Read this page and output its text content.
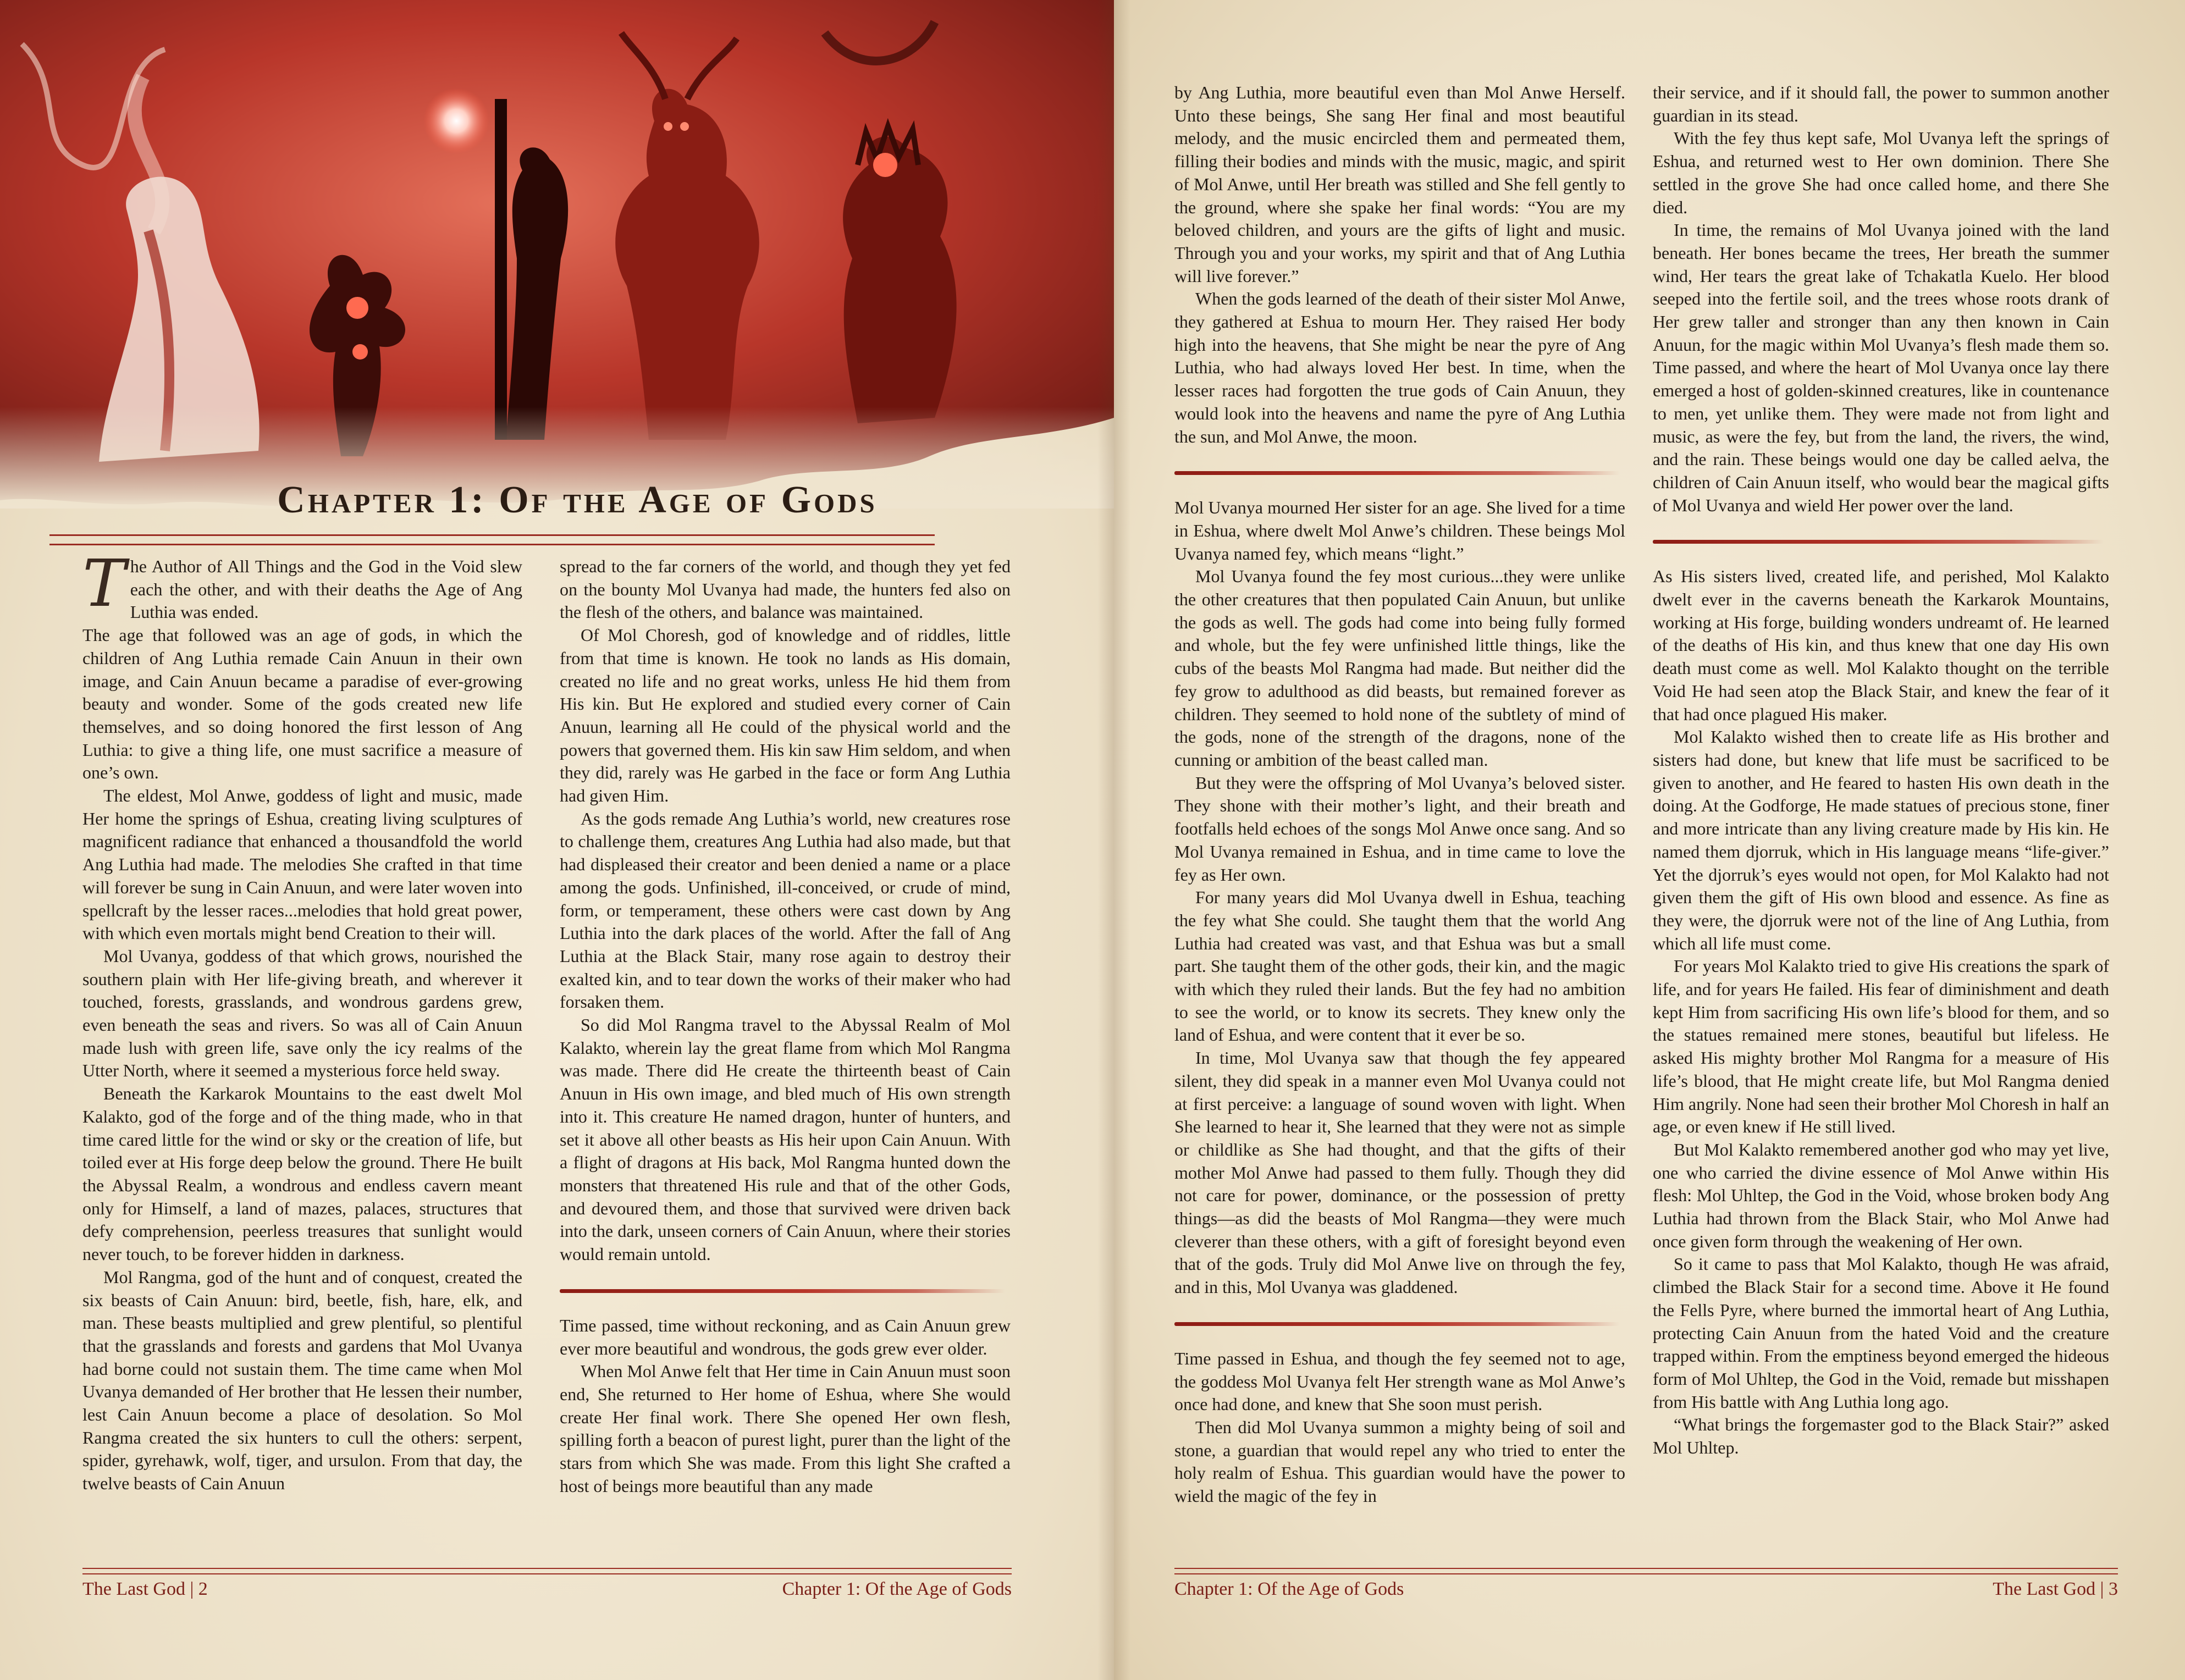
Chapter 1: Of the Age of Gods

The Author of All Things and the God in the Void slew each the other, and with their deaths the Age of Ang Luthia was ended.

The age that followed was an age of gods, in which the children of Ang Luthia remade Cain Anuun in their own image, and Cain Anuun became a paradise of ever-growing beauty and wonder. Some of the gods created new life themselves, and so doing honored the first lesson of Ang Luthia: to give a thing life, one must sacrifice a measure of one’s own.

The eldest, Mol Anwe, goddess of light and music, made Her home the springs of Eshua, creating living sculptures of magnificent radiance that enhanced a thousandfold the world Ang Luthia had made. The melodies She crafted in that time will forever be sung in Cain Anuun, and were later woven into spellcraft by the lesser races...melodies that hold great power, with which even mortals might bend Creation to their will.

Mol Uvanya, goddess of that which grows, nourished the southern plain with Her life-giving breath, and wherever it touched, forests, grasslands, and wondrous gardens grew, even beneath the seas and rivers. So was all of Cain Anuun made lush with green life, save only the icy realms of the Utter North, where it seemed a mysterious force held sway.

Beneath the Karkarok Mountains to the east dwelt Mol Kalakto, god of the forge and of the thing made, who in that time cared little for the wind or sky or the creation of life, but toiled ever at His forge deep below the ground. There He built the Abyssal Realm, a wondrous and endless cavern meant only for Himself, a land of mazes, palaces, structures that defy comprehension, peerless treasures that sunlight would never touch, to be forever hidden in darkness.

Mol Rangma, god of the hunt and of conquest, created the six beasts of Cain Anuun: bird, beetle, fish, hare, elk, and man. These beasts multiplied and grew plentiful, so plentiful that the grasslands and forests and gardens that Mol Uvanya had borne could not sustain them. The time came when Mol Uvanya demanded of Her brother that He lessen their number, lest Cain Anuun become a place of desolation. So Mol Rangma created the six hunters to cull the others: serpent, spider, gyrehawk, wolf, tiger, and ursulon. From that day, the twelve beasts of Cain Anuun

spread to the far corners of the world, and though they yet fed on the bounty Mol Uvanya had made, the hunters fed also on the flesh of the others, and balance was maintained.

Of Mol Choresh, god of knowledge and of riddles, little from that time is known. He took no lands as His domain, created no life and no great works, unless He hid them from His kin. But He explored and studied every corner of Cain Anuun, learning all He could of the physical world and the powers that governed them. His kin saw Him seldom, and when they did, rarely was He garbed in the face or form Ang Luthia had given Him.

As the gods remade Ang Luthia’s world, new creatures rose to challenge them, creatures Ang Luthia had also made, but that had displeased their creator and been denied a name or a place among the gods. Unfinished, ill-conceived, or crude of mind, form, or temperament, these others were cast down by Ang Luthia into the dark places of the world. After the fall of Ang Luthia at the Black Stair, many rose again to destroy their exalted kin, and to tear down the works of their maker who had forsaken them.

So did Mol Rangma travel to the Abyssal Realm of Mol Kalakto, wherein lay the great flame from which Mol Rangma was made. There did He create the thirteenth beast of Cain Anuun in His own image, and bled much of His own strength into it. This creature He named dragon, hunter of hunters, and set it above all other beasts as His heir upon Cain Anuun. With a flight of dragons at His back, Mol Rangma hunted down the monsters that threatened His rule and that of the other Gods, and devoured them, and those that survived were driven back into the dark, unseen corners of Cain Anuun, where their stories would remain untold.

Time passed, time without reckoning, and as Cain Anuun grew ever more beautiful and wondrous, the gods grew ever older.

When Mol Anwe felt that Her time in Cain Anuun must soon end, She returned to Her home of Eshua, where She would create Her final work. There She opened Her own flesh, spilling forth a beacon of purest light, purer than the light of the stars from which She was made. From this light She crafted a host of beings more beautiful than any made

The Last God | 2	Chapter 1: Of the Age of Gods

by Ang Luthia, more beautiful even than Mol Anwe Herself. Unto these beings, She sang Her final and most beautiful melody, and the music encircled them and permeated them, filling their bodies and minds with the music, magic, and spirit of Mol Anwe, until Her breath was stilled and She fell gently to the ground, where she spake her final words: “You are my beloved children, and yours are the gifts of light and music. Through you and your works, my spirit and that of Ang Luthia will live forever.”

When the gods learned of the death of their sister Mol Anwe, they gathered at Eshua to mourn Her. They raised Her body high into the heavens, that She might be near the pyre of Ang Luthia, who had always loved Her best. In time, when the lesser races had forgotten the true gods of Cain Anuun, they would look into the heavens and name the pyre of Ang Luthia the sun, and Mol Anwe, the moon.

Mol Uvanya mourned Her sister for an age. She lived for a time in Eshua, where dwelt Mol Anwe’s children. These beings Mol Uvanya named fey, which means “light.”

Mol Uvanya found the fey most curious...they were unlike the other creatures that then populated Cain Anuun, but unlike the gods as well. The gods had come into being fully formed and whole, but the fey were unfinished little things, like the cubs of the beasts Mol Rangma had made. But neither did the fey grow to adulthood as did beasts, but remained forever as children. They seemed to hold none of the subtlety of mind of the gods, none of the strength of the dragons, none of the cunning or ambition of the beast called man.

But they were the offspring of Mol Uvanya’s beloved sister. They shone with their mother’s light, and their breath and footfalls held echoes of the songs Mol Anwe once sang. And so Mol Uvanya remained in Eshua, and in time came to love the fey as Her own.

For many years did Mol Uvanya dwell in Eshua, teaching the fey what She could. She taught them that the world Ang Luthia had created was vast, and that Eshua was but a small part. She taught them of the other gods, their kin, and the magic with which they ruled their lands. But the fey had no ambition to see the world, or to know its secrets. They knew only the land of Eshua, and were content that it ever be so.

In time, Mol Uvanya saw that though the fey appeared silent, they did speak in a manner even Mol Uvanya could not at first perceive: a language of sound woven with light. When She learned to hear it, She learned that they were not as simple or childlike as She had thought, and that the gifts of their mother Mol Anwe had passed to them fully. Though they did not care for power, dominance, or the possession of pretty things—as did the beasts of Mol Rangma—they were much cleverer than these others, with a gift of foresight beyond even that of the gods. Truly did Mol Anwe live on through the fey, and in this, Mol Uvanya was gladdened.

Time passed in Eshua, and though the fey seemed not to age, the goddess Mol Uvanya felt Her strength wane as Mol Anwe’s once had done, and knew that She soon must perish.

Then did Mol Uvanya summon a mighty being of soil and stone, a guardian that would repel any who tried to enter the holy realm of Eshua. This guardian would have the power to wield the magic of the fey in

their service, and if it should fall, the power to summon another guardian in its stead.

With the fey thus kept safe, Mol Uvanya left the springs of Eshua, and returned west to Her own dominion. There She settled in the grove She had once called home, and there She died.

In time, the remains of Mol Uvanya joined with the land beneath. Her bones became the trees, Her breath the summer wind, Her tears the great lake of Tchakatla Kuelo. Her blood seeped into the fertile soil, and the trees whose roots drank of Her grew taller and stronger than any then known in Cain Anuun, for the magic within Mol Uvanya’s flesh made them so. Time passed, and where the heart of Mol Uvanya once lay there emerged a host of golden-skinned creatures, like in countenance to men, yet unlike them. They were made not from light and music, as were the fey, but from the land, the rivers, the wind, and the rain. These beings would one day be called aelva, the children of Cain Anuun itself, who would bear the magical gifts of Mol Uvanya and wield Her power over the land.

As His sisters lived, created life, and perished, Mol Kalakto dwelt ever in the caverns beneath the Karkarok Mountains, working at His forge, building wonders undreamt of. He learned of the deaths of His kin, and thus knew that one day His own death must come as well. Mol Kalakto thought on the terrible Void He had seen atop the Black Stair, and knew the fear of it that had once plagued His maker.

Mol Kalakto wished then to create life as His brother and sisters had done, but knew that life must be sacrificed to be given to another, and He feared to hasten His own death in the doing. At the Godforge, He made statues of precious stone, finer and more intricate than any living creature made by His kin. He named them djorruk, which in His language means “life-giver.” Yet the djorruk’s eyes would not open, for Mol Kalakto had not given them the gift of His own blood and essence. As fine as they were, the djorruk were not of the line of Ang Luthia, from which all life must come.

For years Mol Kalakto tried to give His creations the spark of life, and for years He failed. His fear of diminishment and death kept Him from sacrificing His own life’s blood for them, and so the statues remained mere stones, beautiful but lifeless. He asked His mighty brother Mol Rangma for a measure of His life’s blood, that He might create life, but Mol Rangma denied Him angrily. None had seen their brother Mol Choresh in half an age, or even knew if He still lived.

But Mol Kalakto remembered another god who may yet live, one who carried the divine essence of Mol Anwe within His flesh: Mol Uhltep, the God in the Void, whose broken body Ang Luthia had thrown from the Black Stair, who Mol Anwe had once given form through the weakening of Her own.

So it came to pass that Mol Kalakto, though He was afraid, climbed the Black Stair for a second time. Above it He found the Fells Pyre, where burned the immortal heart of Ang Luthia, protecting Cain Anuun from the hated Void and the creature trapped within. From the emptiness beyond emerged the hideous form of Mol Uhltep, the God in the Void, remade but misshapen from His battle with Ang Luthia long ago.

“What brings the forgemaster god to the Black Stair?” asked Mol Uhltep.

Chapter 1: Of the Age of Gods	The Last God | 3
